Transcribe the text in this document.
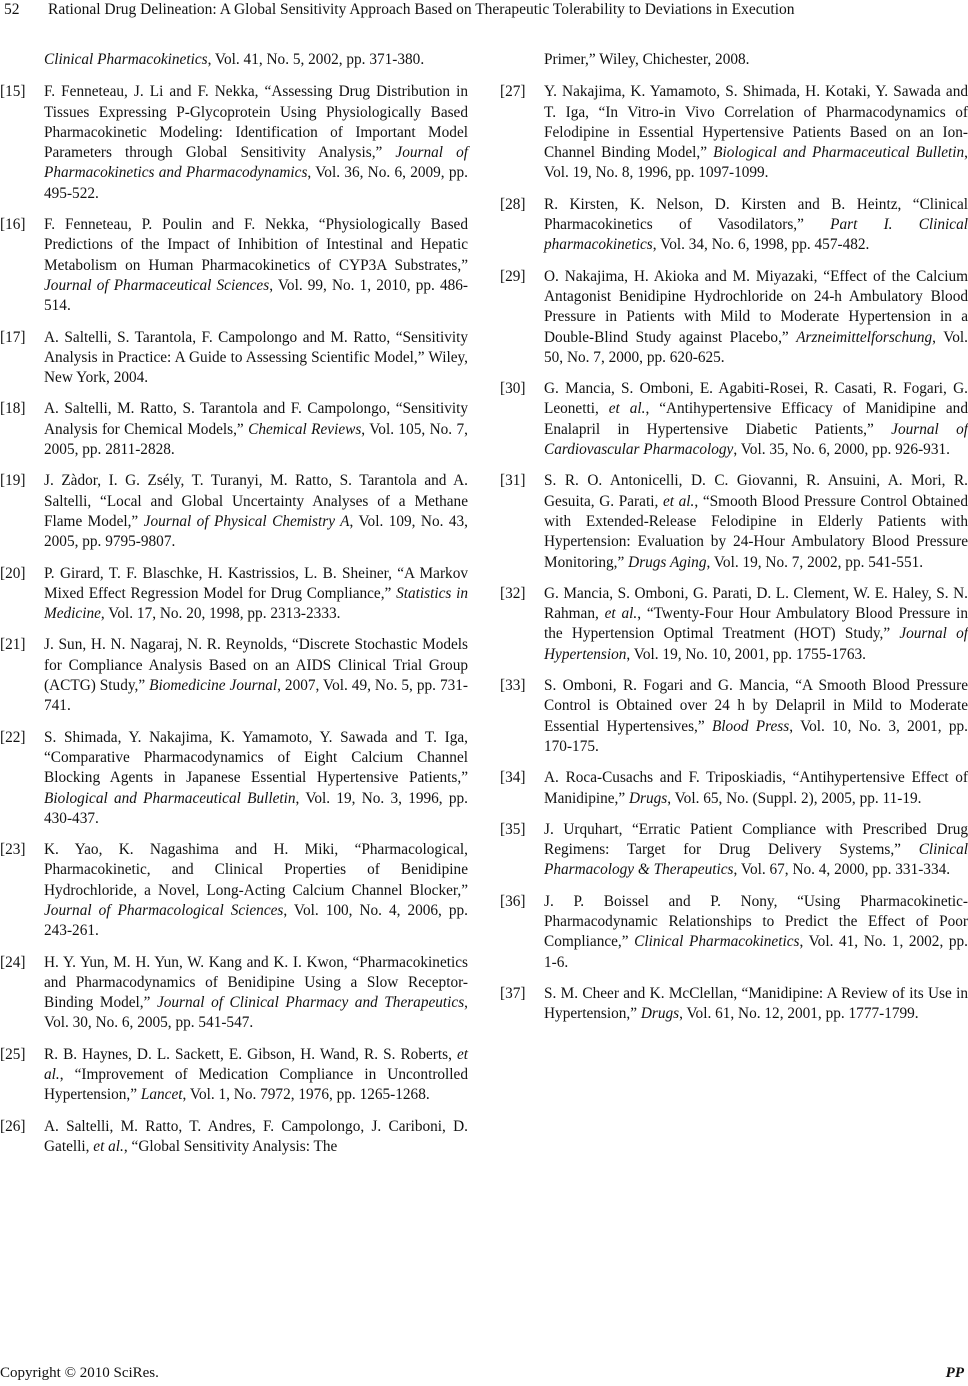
52 Rational Drug Delineation: A Global Sensitivity Approach Based on Therapeutic Tolerability to Deviations in Execution
Clinical Pharmacokinetics, Vol. 41, No. 5, 2002, pp. 371-380.
[15] F. Fenneteau, J. Li and F. Nekka, “Assessing Drug Distribution in Tissues Expressing P-Glycoprotein Using Physiologically Based Pharmacokinetic Modeling: Identification of Important Model Parameters through Global Sensitivity Analysis,” Journal of Pharmacokinetics and Pharmacodynamics, Vol. 36, No. 6, 2009, pp. 495-522.
[16] F. Fenneteau, P. Poulin and F. Nekka, “Physiologically Based Predictions of the Impact of Inhibition of Intestinal and Hepatic Metabolism on Human Pharmacokinetics of CYP3A Substrates,” Journal of Pharmaceutical Sciences, Vol. 99, No. 1, 2010, pp. 486-514.
[17] A. Saltelli, S. Tarantola, F. Campolongo and M. Ratto, “Sensitivity Analysis in Practice: A Guide to Assessing Scientific Model,” Wiley, New York, 2004.
[18] A. Saltelli, M. Ratto, S. Tarantola and F. Campolongo, “Sensitivity Analysis for Chemical Models,” Chemical Reviews, Vol. 105, No. 7, 2005, pp. 2811-2828.
[19] J. Zàdor, I. G. Zsély, T. Turanyi, M. Ratto, S. Tarantola and A. Saltelli, “Local and Global Uncertainty Analyses of a Methane Flame Model,” Journal of Physical Chemistry A, Vol. 109, No. 43, 2005, pp. 9795-9807.
[20] P. Girard, T. F. Blaschke, H. Kastrissios, L. B. Sheiner, “A Markov Mixed Effect Regression Model for Drug Compliance,” Statistics in Medicine, Vol. 17, No. 20, 1998, pp. 2313-2333.
[21] J. Sun, H. N. Nagaraj, N. R. Reynolds, “Discrete Stochastic Models for Compliance Analysis Based on an AIDS Clinical Trial Group (ACTG) Study,” Biomedicine Journal, 2007, Vol. 49, No. 5, pp. 731-741.
[22] S. Shimada, Y. Nakajima, K. Yamamoto, Y. Sawada and T. Iga, “Comparative Pharmacodynamics of Eight Calcium Channel Blocking Agents in Japanese Essential Hypertensive Patients,” Biological and Pharmaceutical Bulletin, Vol. 19, No. 3, 1996, pp. 430-437.
[23] K. Yao, K. Nagashima and H. Miki, “Pharmacological, Pharmacokinetic, and Clinical Properties of Benidipine Hydrochloride, a Novel, Long-Acting Calcium Channel Blocker,” Journal of Pharmacological Sciences, Vol. 100, No. 4, 2006, pp. 243-261.
[24] H. Y. Yun, M. H. Yun, W. Kang and K. I. Kwon, “Pharmacokinetics and Pharmacodynamics of Benidipine Using a Slow Receptor-Binding Model,” Journal of Clinical Pharmacy and Therapeutics, Vol. 30, No. 6, 2005, pp. 541-547.
[25] R. B. Haynes, D. L. Sackett, E. Gibson, H. Wand, R. S. Roberts, et al., “Improvement of Medication Compliance in Uncontrolled Hypertension,” Lancet, Vol. 1, No. 7972, 1976, pp. 1265-1268.
[26] A. Saltelli, M. Ratto, T. Andres, F. Campolongo, J. Cariboni, D. Gatelli, et al., “Global Sensitivity Analysis: The
Primer,” Wiley, Chichester, 2008.
[27] Y. Nakajima, K. Yamamoto, S. Shimada, H. Kotaki, Y. Sawada and T. Iga, “In Vitro-in Vivo Correlation of Pharmacodynamics of Felodipine in Essential Hypertensive Patients Based on an Ion-Channel Binding Model,” Biological and Pharmaceutical Bulletin, Vol. 19, No. 8, 1996, pp. 1097-1099.
[28] R. Kirsten, K. Nelson, D. Kirsten and B. Heintz, “Clinical Pharmacokinetics of Vasodilators,” Part I. Clinical pharmacokinetics, Vol. 34, No. 6, 1998, pp. 457-482.
[29] O. Nakajima, H. Akioka and M. Miyazaki, “Effect of the Calcium Antagonist Benidipine Hydrochloride on 24-h Ambulatory Blood Pressure in Patients with Mild to Moderate Hypertension in a Double-Blind Study against Placebo,” Arzneimittelforschung, Vol. 50, No. 7, 2000, pp. 620-625.
[30] G. Mancia, S. Omboni, E. Agabiti-Rosei, R. Casati, R. Fogari, G. Leonetti, et al., “Antihypertensive Efficacy of Manidipine and Enalapril in Hypertensive Diabetic Patients,” Journal of Cardiovascular Pharmacology, Vol. 35, No. 6, 2000, pp. 926-931.
[31] S. R. O. Antonicelli, D. C. Giovanni, R. Ansuini, A. Mori, R. Gesuita, G. Parati, et al., “Smooth Blood Pressure Control Obtained with Extended-Release Felodipine in Elderly Patients with Hypertension: Evaluation by 24-Hour Ambulatory Blood Pressure Monitoring,” Drugs Aging, Vol. 19, No. 7, 2002, pp. 541-551.
[32] G. Mancia, S. Omboni, G. Parati, D. L. Clement, W. E. Haley, S. N. Rahman, et al., “Twenty-Four Hour Ambulatory Blood Pressure in the Hypertension Optimal Treatment (HOT) Study,” Journal of Hypertension, Vol. 19, No. 10, 2001, pp. 1755-1763.
[33] S. Omboni, R. Fogari and G. Mancia, “A Smooth Blood Pressure Control is Obtained over 24 h by Delapril in Mild to Moderate Essential Hypertensives,” Blood Press, Vol. 10, No. 3, 2001, pp. 170-175.
[34] A. Roca-Cusachs and F. Triposkiadis, “Antihypertensive Effect of Manidipine,” Drugs, Vol. 65, No. (Suppl. 2), 2005, pp. 11-19.
[35] J. Urquhart, “Erratic Patient Compliance with Prescribed Drug Regimens: Target for Drug Delivery Systems,” Clinical Pharmacology & Therapeutics, Vol. 67, No. 4, 2000, pp. 331-334.
[36] J. P. Boissel and P. Nony, “Using Pharmacokinetic-Pharmacodynamic Relationships to Predict the Effect of Poor Compliance,” Clinical Pharmacokinetics, Vol. 41, No. 1, 2002, pp. 1-6.
[37] S. M. Cheer and K. McClellan, “Manidipine: A Review of its Use in Hypertension,” Drugs, Vol. 61, No. 12, 2001, pp. 1777-1799.
Copyright © 2010 SciRes.	PP
